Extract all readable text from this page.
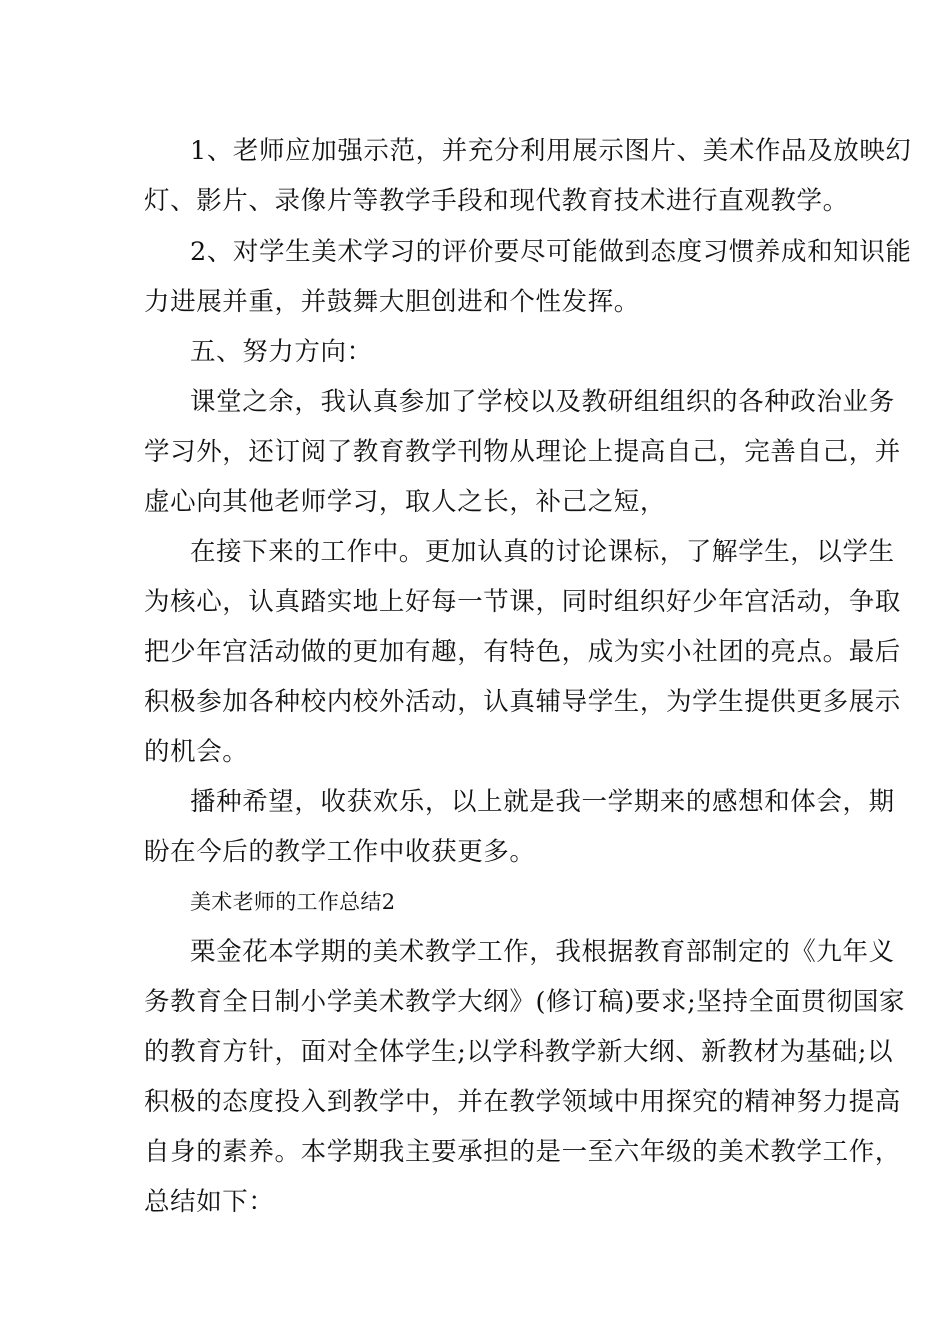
1、老师应加强示范，并充分利用展示图片、美术作品及放映幻
灯、影片、录像片等教学手段和现代教育技术进行直观教学。
2、对学生美术学习的评价要尽可能做到态度习惯养成和知识能
力进展并重，并鼓舞大胆创进和个性发挥。
五、努力方向：
课堂之余，我认真参加了学校以及教研组组织的各种政治业务
学习外，还订阅了教育教学刊物从理论上提高自己，完善自己，并
虚心向其他老师学习，取人之长，补己之短，
在接下来的工作中。更加认真的讨论课标，了解学生，以学生
为核心，认真踏实地上好每一节课，同时组织好少年宫活动，争取
把少年宫活动做的更加有趣，有特色，成为实小社团的亮点。最后
积极参加各种校内校外活动，认真辅导学生，为学生提供更多展示
的机会。
播种希望，收获欢乐，以上就是我一学期来的感想和体会，期
盼在今后的教学工作中收获更多。
美术老师的工作总结2
栗金花本学期的美术教学工作，我根据教育部制定的《九年义
务教育全日制小学美术教学大纲》(修订稿)要求;坚持全面贯彻国家
的教育方针，面对全体学生;以学科教学新大纲、新教材为基础;以
积极的态度投入到教学中，并在教学领域中用探究的精神努力提高
自身的素养。本学期我主要承担的是一至六年级的美术教学工作，
总结如下：
